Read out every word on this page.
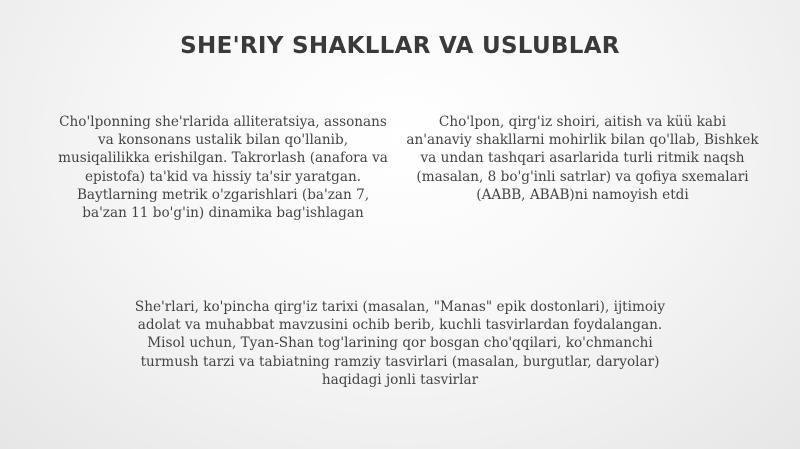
SHE'RIY SHAKLLAR VA USLUBLAR

Cho'lponning she'rlarida alliteratsiya, assonans va konsonans ustalik bilan qo'llanib, musiqalilikka erishilgan. Takrorlash (anafora va epistofa) ta'kid va hissiy ta'sir yaratgan. Baytlarning metrik o'zgarishlari (ba'zan 7, ba'zan 11 bo'g'in) dinamika bag'ishlagan

Cho'lpon, qirg'iz shoiri, aitish va küü kabi an'anaviy shakllarni mohirlik bilan qo'llab, Bishkek va undan tashqari asarlarida turli ritmik naqsh (masalan, 8 bo'g'inli satrlar) va qofiya sxemalari (AABB, ABAB)ni namoyish etdi

She'rlari, ko'pincha qirg'iz tarixi (masalan, "Manas" epik dostonlari), ijtimoiy adolat va muhabbat mavzusini ochib berib, kuchli tasvirlardan foydalangan. Misol uchun, Tyan-Shan tog'larining qor bosgan cho'qqilari, ko'chmanchi turmush tarzi va tabiatning ramziy tasvirlari (masalan, burgutlar, daryolar) haqidagi jonli tasvirlar
